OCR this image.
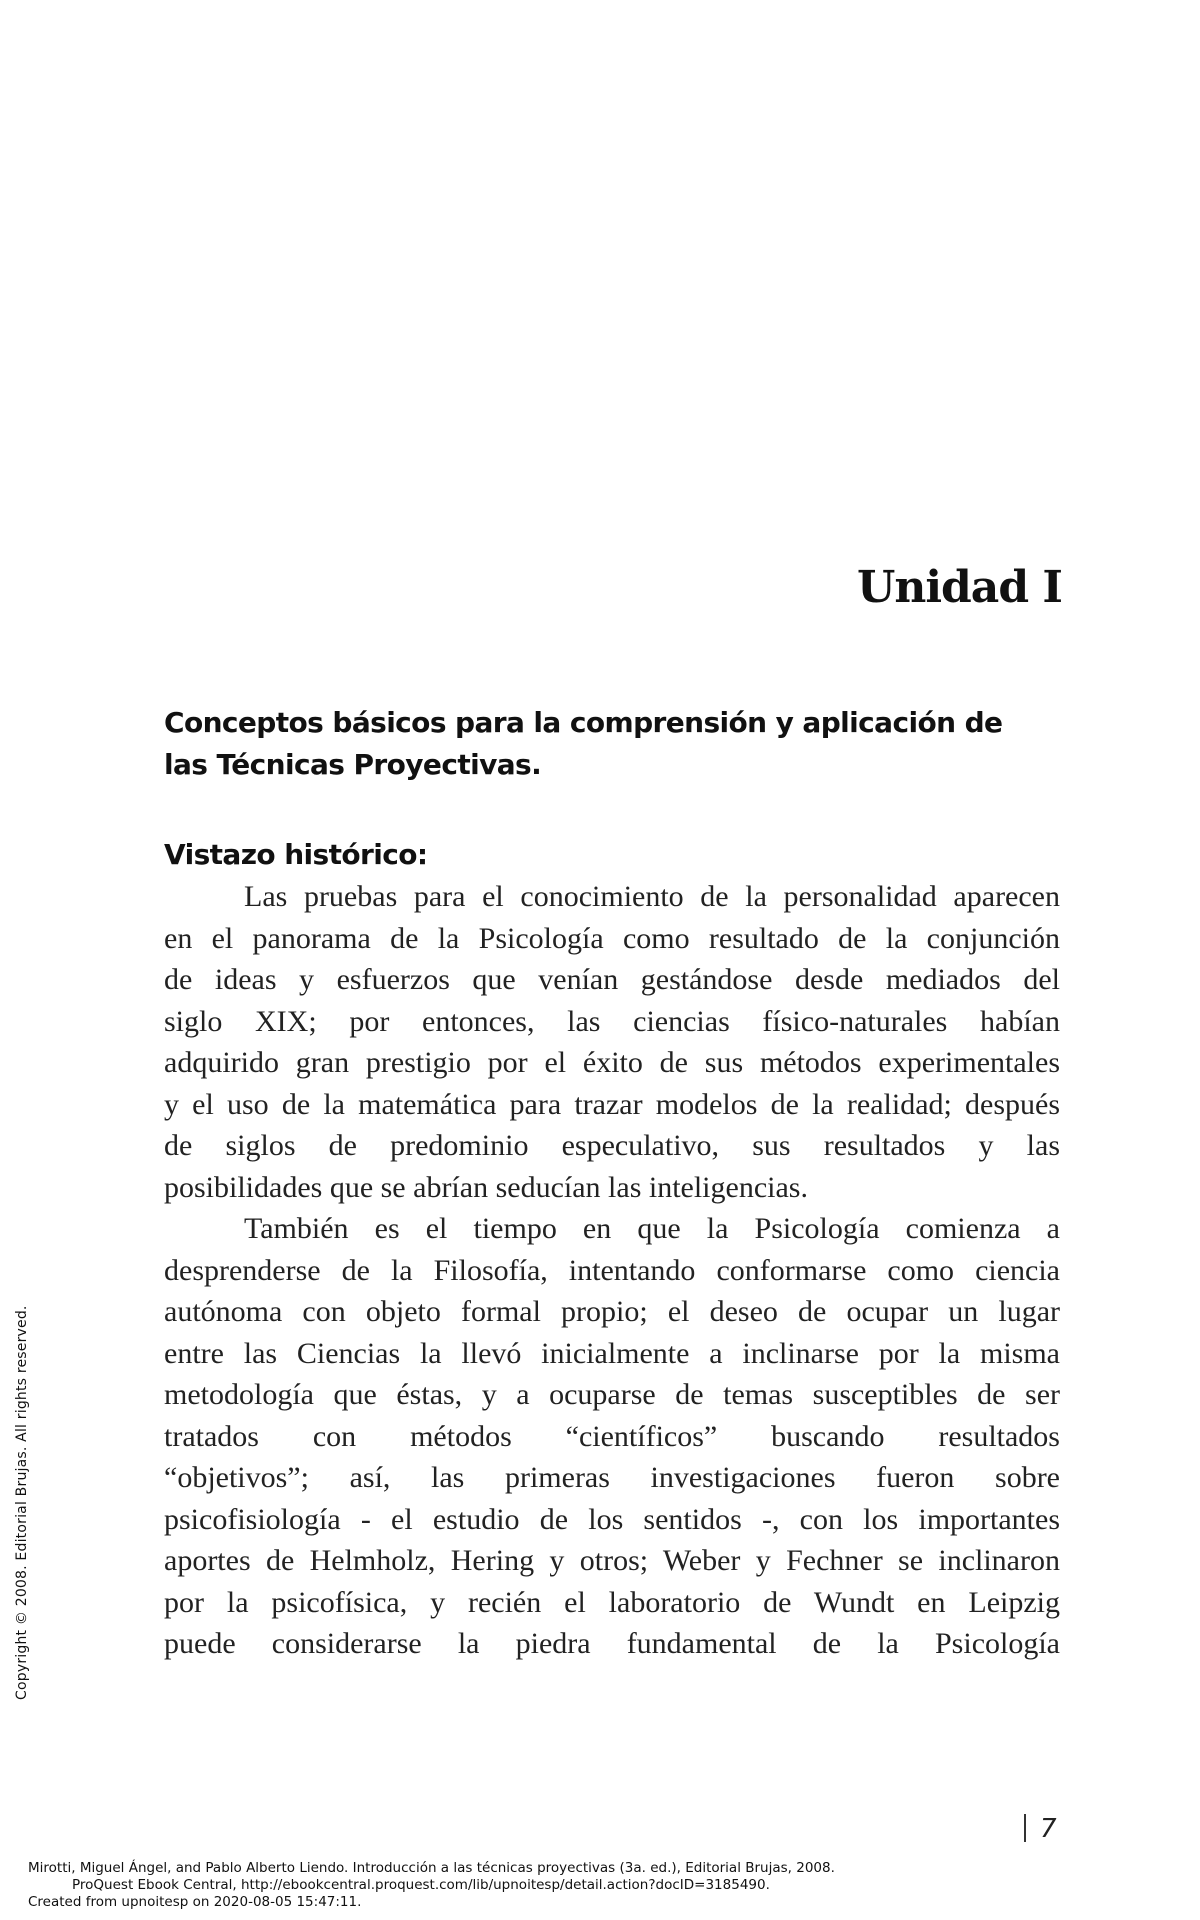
Unidad I
Conceptos básicos para la comprensión y aplicación de
las Técnicas Proyectivas.
Vistazo histórico:
Las pruebas para el conocimiento de la personalidad aparecen
en el panorama de la Psicología como resultado de la conjunción
de ideas y esfuerzos que venían gestándose desde mediados del
siglo XIX; por entonces, las ciencias físico-naturales habían
adquirido gran prestigio por el éxito de sus métodos experimentales
y el uso de la matemática para trazar modelos de la realidad; después
de siglos de predominio especulativo, sus resultados y las
posibilidades que se abrían seducían las inteligencias.
También es el tiempo en que la Psicología comienza a
desprenderse de la Filosofía, intentando conformarse como ciencia
autónoma con objeto formal propio; el deseo de ocupar un lugar
entre las Ciencias la llevó inicialmente a inclinarse por la misma
metodología que éstas, y a ocuparse de temas susceptibles de ser
tratados con métodos “científicos” buscando resultados
“objetivos”; así, las primeras investigaciones fueron sobre
psicofisiología - el estudio de los sentidos -, con los importantes
aportes de Helmholz, Hering y otros; Weber y Fechner se inclinaron
por la psicofísica, y recién el laboratorio de Wundt en Leipzig
puede considerarse la piedra fundamental de la Psicología
Copyright © 2008. Editorial Brujas. All rights reserved.
7
Mirotti, Miguel Ángel, and Pablo Alberto Liendo. Introducción a las técnicas proyectivas (3a. ed.), Editorial Brujas, 2008.
ProQuest Ebook Central, http://ebookcentral.proquest.com/lib/upnoitesp/detail.action?docID=3185490.
Created from upnoitesp on 2020-08-05 15:47:11.
